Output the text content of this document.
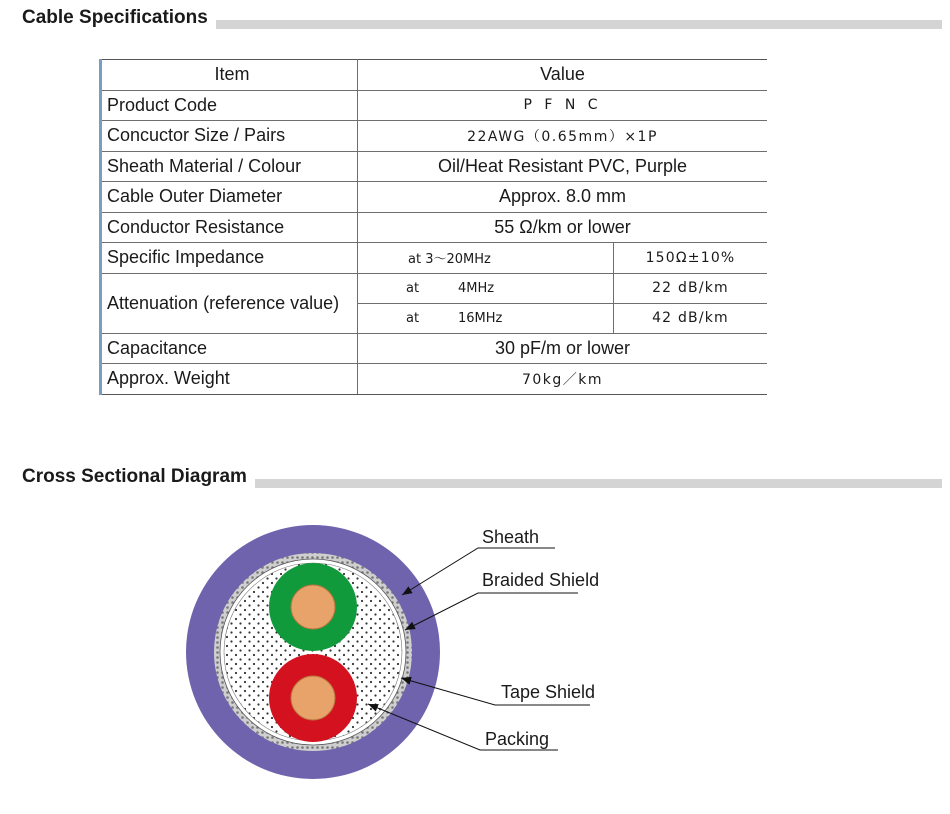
Cable Specifications
Item	Value	
Product Code	P F N C	
Concuctor Size / Pairs	22AWG（0.65mm）×1P	
Sheath Material / Colour	Oil/Heat Resistant PVC, Purple	
Cable Outer Diameter	Approx. 8.0 mm	
Conductor Resistance	55 Ω/km or lower	
Specific Impedance	at 3～20MHz	150Ω±10%
Attenuation (reference value)	at 4MHz	22 dB/km
	at 16MHz	42 dB/km
Capacitance	30 pF/m or lower	
Approx. Weight	70kg／km	
Cross Sectional Diagram
Sheath
Braided Shield
Tape Shield
Packing
